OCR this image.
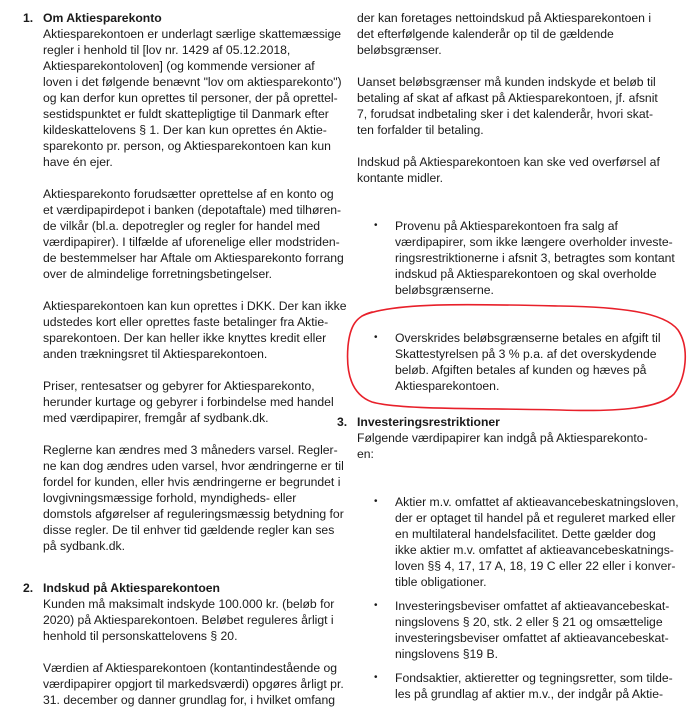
1. Om Aktiesparekonto

Aktiesparekontoen er underlagt særlige skattemæssige
regler i henhold til [lov nr. 1429 af 05.12.2018,
Aktiesparekontoloven] (og kommende versioner af
loven i det følgende benævnt "lov om aktiesparekonto")
og kan derfor kun oprettes til personer, der på oprettel-
sestidspunktet er fuldt skattepligtige til Danmark efter
kildeskattelovens § 1. Der kan kun oprettes én Aktie-
sparekonto pr. person, og Aktiesparekontoen kan kun
have én ejer.
Aktiesparekonto forudsætter oprettelse af en konto og
et værdipapirdepot i banken (depotaftale) med tilhøren-
de vilkår (bl.a. depotregler og regler for handel med
værdipapirer). I tilfælde af uforenelige eller modstriden-
de bestemmelser har Aftale om Aktiesparekonto forrang
over de almindelige forretningsbetingelser.
Aktiesparekontoen kan kun oprettes i DKK. Der kan ikke
udstedes kort eller oprettes faste betalinger fra Aktie-
sparekontoen. Der kan heller ikke knyttes kredit eller
anden trækningsret til Aktiesparekontoen.
Priser, rentesatser og gebyrer for Aktiesparekonto,
herunder kurtage og gebyrer i forbindelse med handel
med værdipapirer, fremgår af sydbank.dk.
Reglerne kan ændres med 3 måneders varsel. Regler-
ne kan dog ændres uden varsel, hvor ændringerne er til
fordel for kunden, eller hvis ændringerne er begrundet i
lovgivningsmæssige forhold, myndigheds- eller
domstols afgørelser af reguleringsmæssig betydning for
disse regler. De til enhver tid gældende regler kan ses
på sydbank.dk.
2. Indskud på Aktiesparekontoen

Kunden må maksimalt indskyde 100.000 kr. (beløb for
2020) på Aktiesparekontoen. Beløbet reguleres årligt i
henhold til personskattelovens § 20.
Værdien af Aktiesparekontoen (kontantindestående og
værdipapirer opgjort til markedsværdi) opgøres årligt pr.
31. december og danner grundlag for, i hvilket omfang
der kan foretages nettoindskud på Aktiesparekontoen i
det efterfølgende kalenderår op til de gældende
beløbsgrænser.
Uanset beløbsgrænser må kunden indskyde et beløb til
betaling af skat af afkast på Aktiesparekontoen, jf. afsnit
7, forudsat indbetaling sker i det kalenderår, hvori skat-
ten forfalder til betaling.
Indskud på Aktiesparekontoen kan ske ved overførsel af
kontante midler.
• Provenu på Aktiesparekontoen fra salg af
værdipapirer, som ikke længere overholder investe-
ringsrestriktionerne i afsnit 3, betragtes som kontant
indskud på Aktiesparekontoen og skal overholde
beløbsgrænserne.
• Overskrides beløbsgrænserne betales en afgift til
Skattestyrelsen på 3 % p.a. af det overskydende
beløb. Afgiften betales af kunden og hæves på
Aktiesparekontoen.
3. Investeringsrestriktioner

Følgende værdipapirer kan indgå på Aktiesparekonto-
en:
• Aktier m.v. omfattet af aktieavancebeskatningsloven,
der er optaget til handel på et reguleret marked eller
en multilateral handelsfacilitet. Dette gælder dog
ikke aktier m.v. omfattet af aktieavancebeskatnings-
loven §§ 4, 17, 17 A, 18, 19 C eller 22 eller i konver-
tible obligationer.
• Investeringsbeviser omfattet af aktieavancebeskat-
ningslovens § 20, stk. 2 eller § 21 og omsættelige
investeringsbeviser omfattet af aktieavancebeskat-
ningslovens §19 B.
• Fondsaktier, aktieretter og tegningsretter, som tilde-
les på grundlag af aktier m.v., der indgår på Aktie-
